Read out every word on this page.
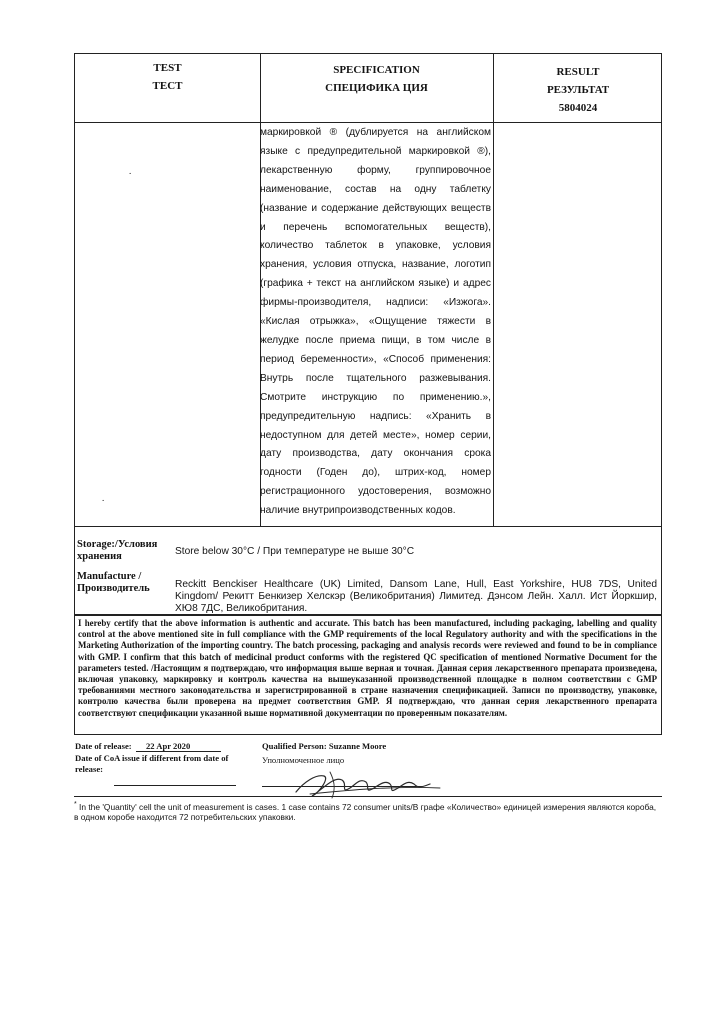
TEST
ТЕСТ
SPECIFICATION
СПЕЦИФИКА ЦИЯ
RESULT
РЕЗУЛЬТАТ
5804024
маркировкой ® (дублируется на английском языке с предупредительной маркировкой ®), лекарственную форму, группировочное наименование, состав на одну таблетку (название и содержание действующих веществ и перечень вспомогательных веществ), количество таблеток в упаковке, условия хранения, условия отпуска, название, логотип (графика + текст на английском языке) и адрес фирмы-производителя, надписи: «Изжога». «Кислая отрыжка», «Ощущение тяжести в желудке после приема пищи, в том числе в период беременности», «Способ применения: Внутрь после тщательного разжевывания. Смотрите инструкцию по применению.», предупредительную надпись: «Хранить в недоступном для детей месте», номер серии, дату производства, дату окончания срока годности (Годен до), штрих-код, номер регистрационного удостоверения, возможно наличие внутрипроизводственных кодов.
.
.
Storage:/Условия хранения	Store below 30°C / При температуре не выше 30°C
Manufacture / Производитель	Reckitt Benckiser Healthcare (UK) Limited, Dansom Lane, Hull, East Yorkshire, HU8 7DS, United Kingdom/ Рекитт Бенкизер Хелскэр (Великобритания) Лимитед. Дэнсом Лейн. Халл. Ист Йоркшир, ХЮ8 7ДС, Великобритания.
I hereby certify that the above information is authentic and accurate. This batch has been manufactured, including packaging, labelling and quality control at the above mentioned site in full compliance with the GMP requirements of the local Regulatory authority and with the specifications in the Marketing Authorization of the importing country. The batch processing, packaging and analysis records were reviewed and found to be in compliance with GMP. I confirm that this batch of medicinal product conforms with the registered QC specification of mentioned Normative Document for the parameters tested. /Настоящим я подтверждаю, что информация выше верная и точная. Данная серия лекарственного препарата произведена, включая упаковку, маркировку и контроль качества на вышеуказанной производственной площадке в полном соответствии с GMP требованиями местного законодательства и зарегистрированной в стране назначения спецификацией. Записи по производству, упаковке, контролю качества были проверена на предмет соответствия GMP. Я подтверждаю, что данная серия лекарственного препарата соответствуют спецификации указанной выше нормативной документации по проверенным показателям.
Date of release: 22 Apr 2020
Date of CoA issue if different from date of release:
Qualified Person: Suzanne Moore
Уполномоченное лицо
* In the 'Quantity' cell the unit of measurement is cases. 1 case contains 72 consumer units/В графе «Количество» единицей измерения являются короба, в одном коробе находится 72 потребительских упаковки.
